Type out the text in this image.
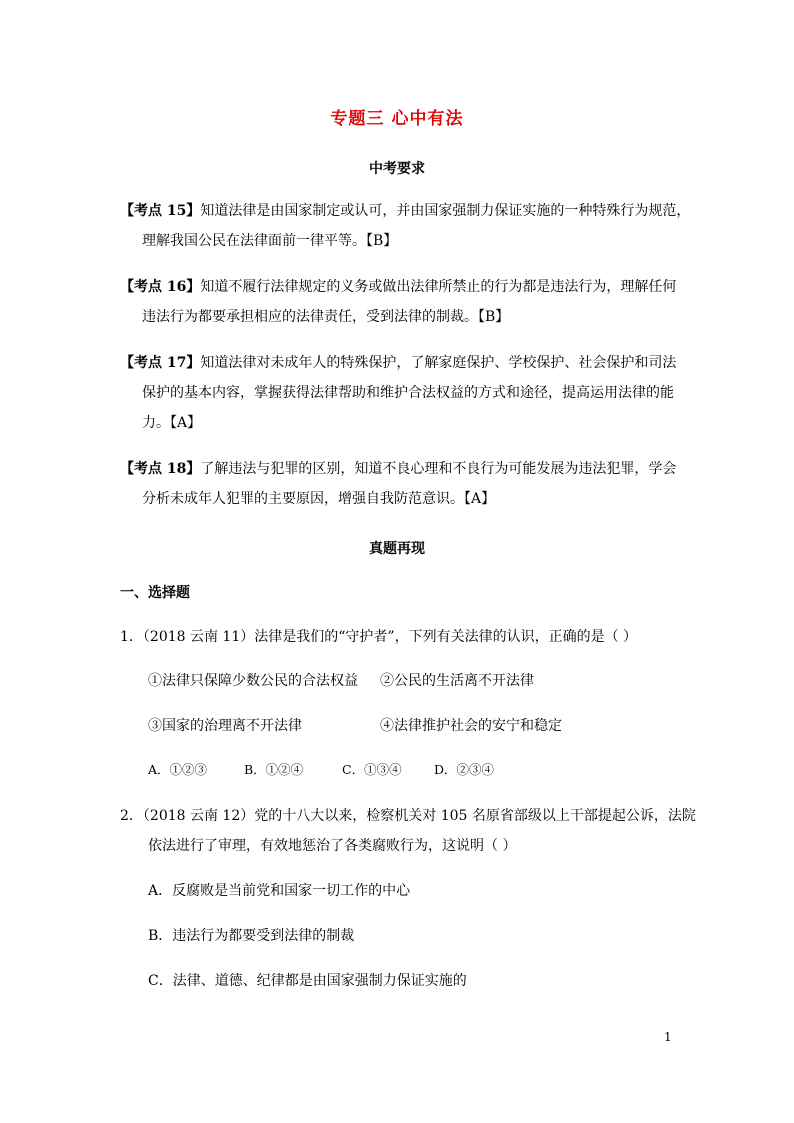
专题三 心中有法
中考要求
【考点 15】知道法律是由国家制定或认可，并由国家强制力保证实施的一种特殊行为规范，
理解我国公民在法律面前一律平等。【B】
【考点 16】知道不履行法律规定的义务或做出法律所禁止的行为都是违法行为，理解任何
违法行为都要承担相应的法律责任，受到法律的制裁。【B】
【考点 17】知道法律对未成年人的特殊保护，了解家庭保护、学校保护、社会保护和司法
保护的基本内容，掌握获得法律帮助和维护合法权益的方式和途径，提高运用法律的能
力。【A】
【考点 18】了解违法与犯罪的区别，知道不良心理和不良行为可能发展为违法犯罪，学会
分析未成年人犯罪的主要原因，增强自我防范意识。【A】
真题再现
一、选择题
1．（2018 云南 11）法律是我们的“守护者”，下列有关法律的认识，正确的是（ ）
①法律只保障少数公民的合法权益 ②公民的生活离不开法律
③国家的治理离不开法律	④法律推护社会的安宁和稳定
A．①②③	B．①②④	C．①③④	D．②③④
2．（2018 云南 12）党的十八大以来，检察机关对 105 名原省部级以上干部提起公诉，法院
依法进行了审理，有效地惩治了各类腐败行为，这说明（ ）
A．反腐败是当前党和国家一切工作的中心
B．违法行为都要受到法律的制裁
C．法律、道德、纪律都是由国家强制力保证实施的
1
